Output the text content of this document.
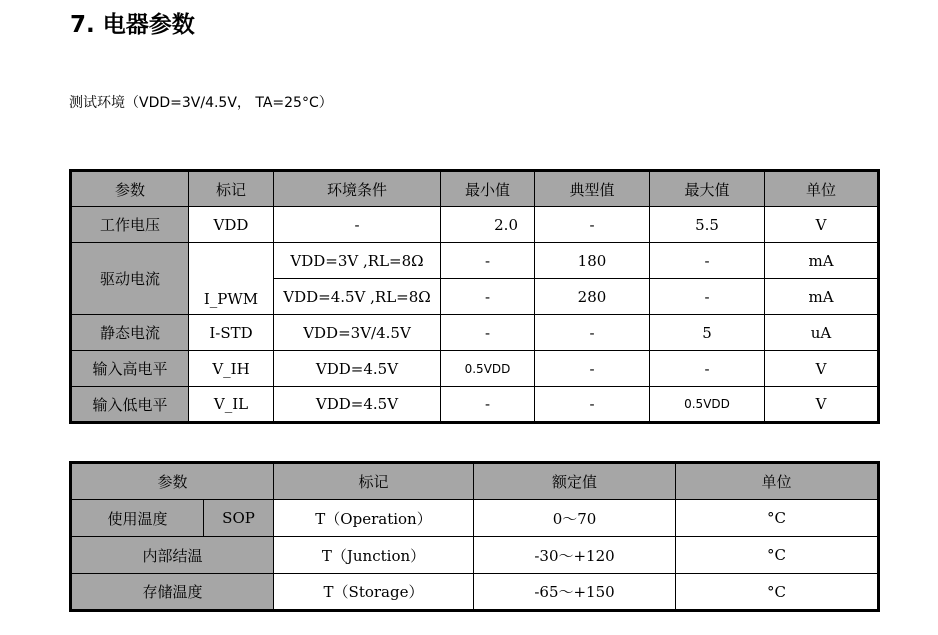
7. 电器参数
测试环境（VDD=3V/4.5V， TA=25°C）
参数	标记	环境条件	最小值	典型值	最大值	单位
工作电压	VDD	-	2.0	-	5.5	V
驱动电流	I_PWM	VDD=3V ,RL=8Ω	-	180	-	mA
		VDD=4.5V ,RL=8Ω	-	280	-	mA
静态电流	I-STD	VDD=3V/4.5V	-	-	5	uA
输入高电平	V_IH	VDD=4.5V	0.5VDD	-	-	V
输入低电平	V_IL	VDD=4.5V	-	-	0.5VDD	V
参数		标记	额定值	单位
使用温度	SOP	T（Operation）	0～70	°C
内部结温		T（Junction）	-30～+120	°C
存储温度		T（Storage）	-65～+150	°C
